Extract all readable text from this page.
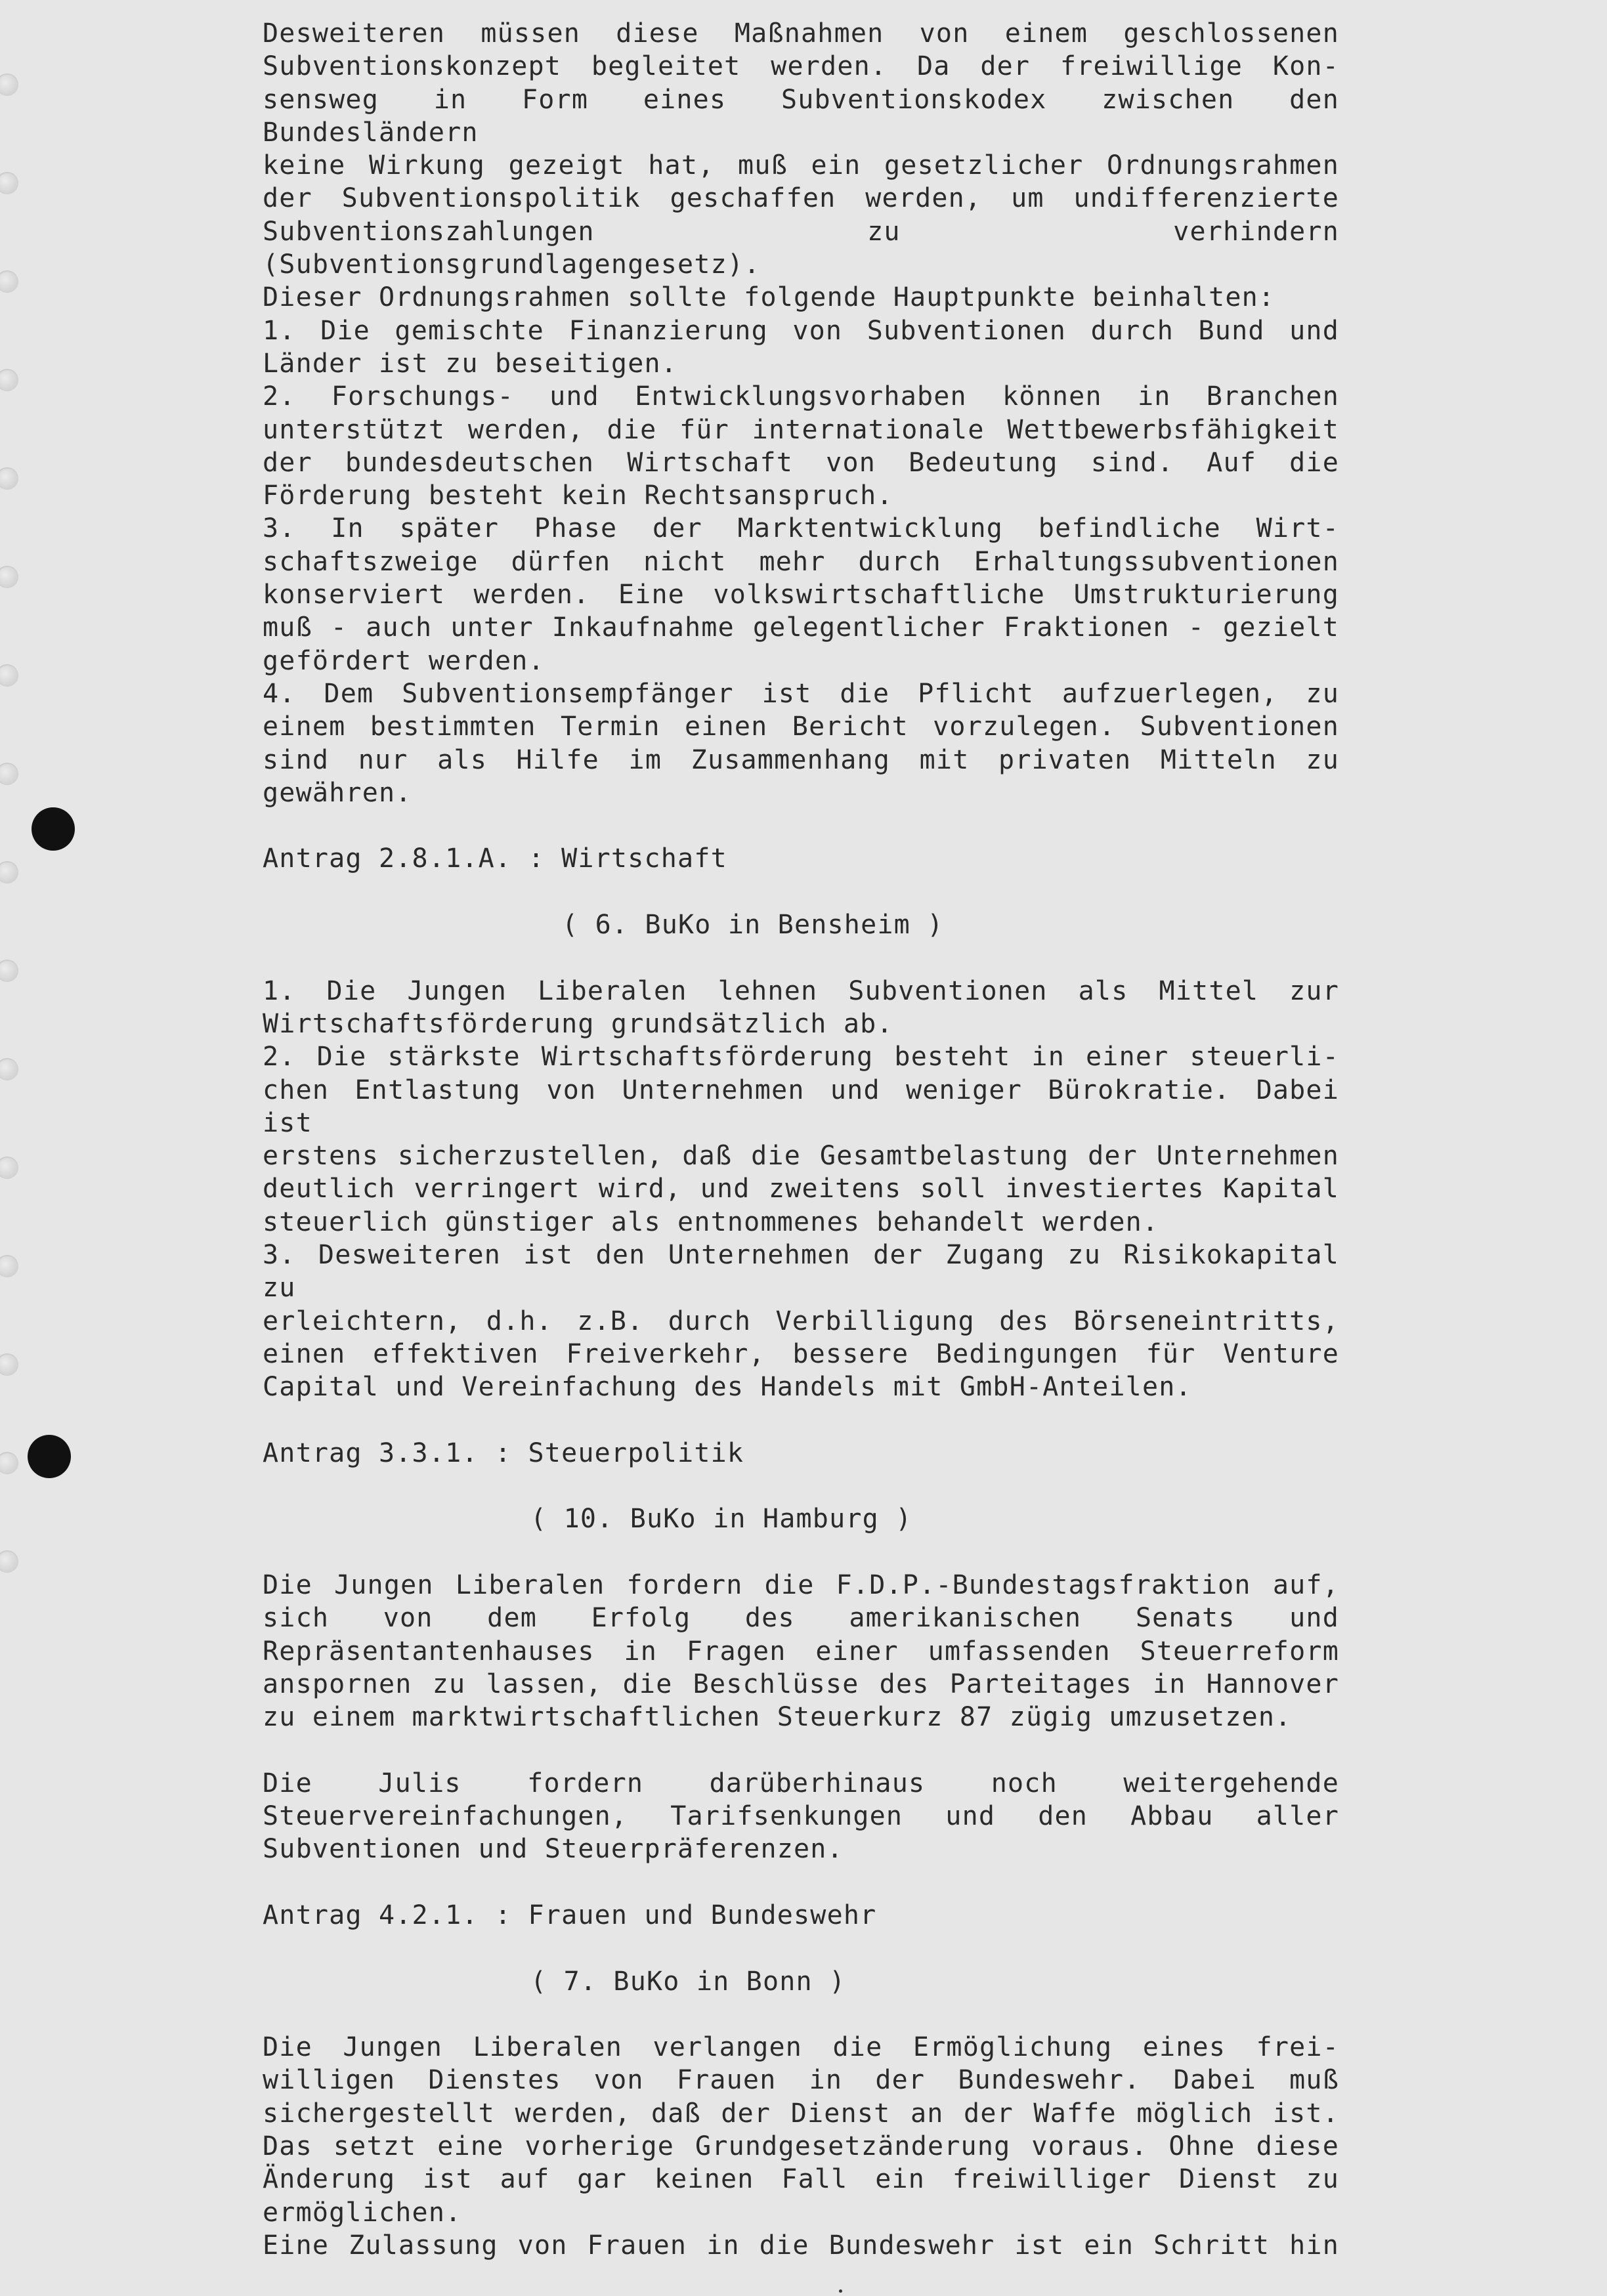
Desweiteren müssen diese Maßnahmen von einem geschlossenen
Subventionskonzept begleitet werden. Da der freiwillige Kon-
sensweg in Form eines Subventionskodex zwischen den Bundesländern
keine Wirkung gezeigt hat, muß ein gesetzlicher Ordnungsrahmen
der Subventionspolitik geschaffen werden, um undifferenzierte
Subventionszahlungen zu verhindern (Subventionsgrundlagengesetz).
Dieser Ordnungsrahmen sollte folgende Hauptpunkte beinhalten:
1. Die gemischte Finanzierung von Subventionen durch Bund und
Länder ist zu beseitigen.
2. Forschungs- und Entwicklungsvorhaben können in Branchen
unterstützt werden, die für internationale Wettbewerbsfähigkeit
der bundesdeutschen Wirtschaft von Bedeutung sind. Auf die
Förderung besteht kein Rechtsanspruch.
3. In später Phase der Marktentwicklung befindliche Wirt-
schaftszweige dürfen nicht mehr durch Erhaltungssubventionen
konserviert werden. Eine volkswirtschaftliche Umstrukturierung
muß - auch unter Inkaufnahme gelegentlicher Fraktionen - gezielt
gefördert werden.
4. Dem Subventionsempfänger ist die Pflicht aufzuerlegen, zu
einem bestimmten Termin einen Bericht vorzulegen. Subventionen
sind nur als Hilfe im Zusammenhang mit privaten Mitteln zu
gewähren.
Antrag 2.8.1.A. : Wirtschaft
( 6. BuKo in Bensheim )
1. Die Jungen Liberalen lehnen Subventionen als Mittel zur
Wirtschaftsförderung grundsätzlich ab.
2. Die stärkste Wirtschaftsförderung besteht in einer steuerli-
chen Entlastung von Unternehmen und weniger Bürokratie. Dabei ist
erstens sicherzustellen, daß die Gesamtbelastung der Unternehmen
deutlich verringert wird, und zweitens soll investiertes Kapital
steuerlich günstiger als entnommenes behandelt werden.
3. Desweiteren ist den Unternehmen der Zugang zu Risikokapital zu
erleichtern, d.h. z.B. durch Verbilligung des Börseneintritts,
einen effektiven Freiverkehr, bessere Bedingungen für Venture
Capital und Vereinfachung des Handels mit GmbH-Anteilen.
Antrag 3.3.1. : Steuerpolitik
( 10. BuKo in Hamburg )
Die Jungen Liberalen fordern die F.D.P.-Bundestagsfraktion auf,
sich von dem Erfolg des amerikanischen Senats und
Repräsentantenhauses in Fragen einer umfassenden Steuerreform
anspornen zu lassen, die Beschlüsse des Parteitages in Hannover
zu einem marktwirtschaftlichen Steuerkurz 87 zügig umzusetzen.
Die Julis fordern darüberhinaus noch weitergehende
Steuervereinfachungen, Tarifsenkungen und den Abbau aller
Subventionen und Steuerpräferenzen.
Antrag 4.2.1. : Frauen und Bundeswehr
( 7. BuKo in Bonn )
Die Jungen Liberalen verlangen die Ermöglichung eines frei-
willigen Dienstes von Frauen in der Bundeswehr. Dabei muß
sichergestellt werden, daß der Dienst an der Waffe möglich ist.
Das setzt eine vorherige Grundgesetzänderung voraus. Ohne diese
Änderung ist auf gar keinen Fall ein freiwilliger Dienst zu
ermöglichen.
Eine Zulassung von Frauen in die Bundeswehr ist ein Schritt hin
